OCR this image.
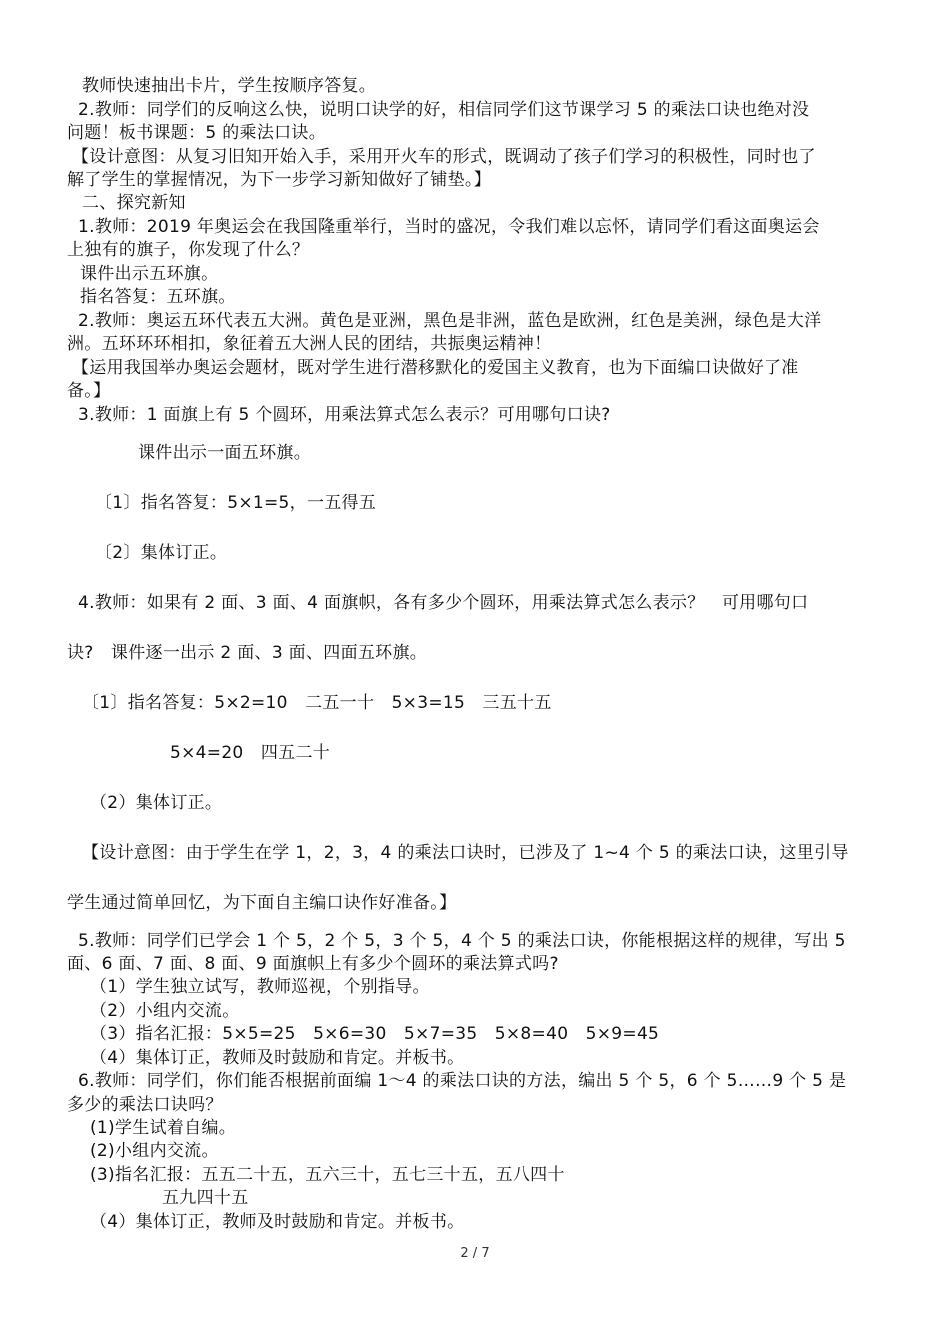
教师快速抽出卡片，学生按顺序答复。
2.教师：同学们的反响这么快，说明口诀学的好，相信同学们这节课学习 5 的乘法口诀也绝对没
问题！板书课题：5 的乘法口诀。
【设计意图：从复习旧知开始入手，采用开火车的形式，既调动了孩子们学习的积极性，同时也了
解了学生的掌握情况，为下一步学习新知做好了铺垫。】
二、探究新知
1.教师：2019 年奥运会在我国隆重举行，当时的盛况，令我们难以忘怀，请同学们看这面奥运会
上独有的旗子，你发现了什么？
课件出示五环旗。
指名答复：五环旗。
2.教师：奥运五环代表五大洲。黄色是亚洲，黑色是非洲，蓝色是欧洲，红色是美洲，绿色是大洋
洲。五环环环相扣，象征着五大洲人民的团结，共振奥运精神！
【运用我国举办奥运会题材，既对学生进行潜移默化的爱国主义教育，也为下面编口诀做好了准
备。】
3.教师：1 面旗上有 5 个圆环，用乘法算式怎么表示？可用哪句口诀?
课件出示一面五环旗。
〔1〕指名答复：5×1=5，一五得五
〔2〕集体订正。
4.教师：如果有 2 面、3 面、4 面旗帜，各有多少个圆环，用乘法算式怎么表示？　可用哪句口
诀?　课件逐一出示 2 面、3 面、四面五环旗。
〔1〕指名答复：5×2=10　二五一十　5×3=15　三五十五
5×4=20　四五二十
（2）集体订正。
【设计意图：由于学生在学 1，2，3，4 的乘法口诀时，已涉及了 1~4 个 5 的乘法口诀，这里引导
学生通过简单回忆，为下面自主编口诀作好准备。】
5.教师：同学们已学会 1 个 5，2 个 5，3 个 5，4 个 5 的乘法口诀，你能根据这样的规律，写出 5
面、6 面、7 面、8 面、9 面旗帜上有多少个圆环的乘法算式吗?
（1）学生独立试写，教师巡视，个别指导。
（2）小组内交流。
（3）指名汇报：5×5=25　5×6=30　5×7=35　5×8=40　5×9=45
（4）集体订正，教师及时鼓励和肯定。并板书。
6.教师：同学们，你们能否根据前面编 1～4 的乘法口诀的方法，编出 5 个 5，6 个 5……9 个 5 是
多少的乘法口诀吗？
(1)学生试着自编。
(2)小组内交流。
(3)指名汇报：五五二十五，五六三十，五七三十五，五八四十
五九四十五
（4）集体订正，教师及时鼓励和肯定。并板书。
2 / 7
